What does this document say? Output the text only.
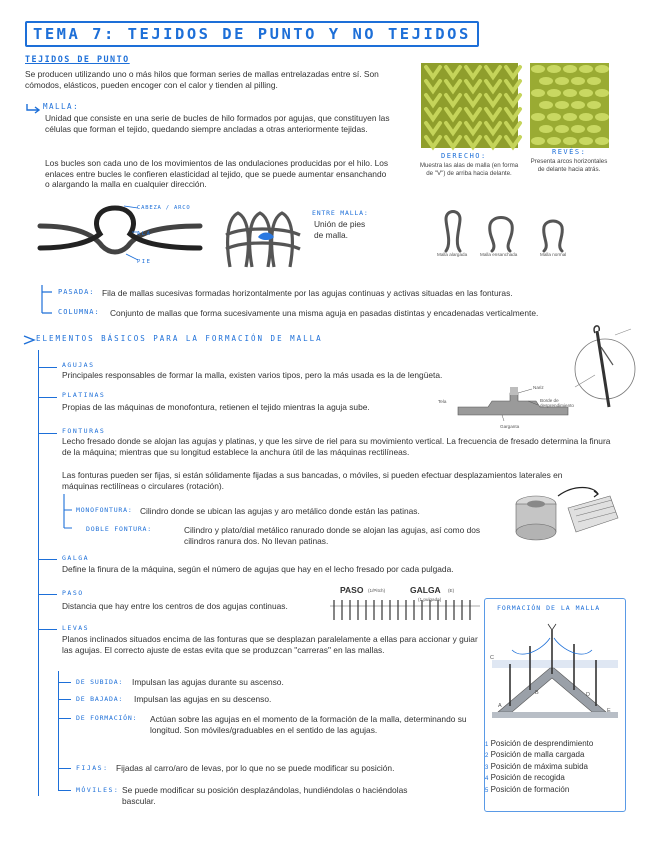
TEMA 7: TEJIDOS DE PUNTO Y NO TEJIDOS
TEJIDOS DE PUNTO
Se producen utilizando uno o más hilos que forman series de mallas entrelazadas entre sí. Son cómodos, elásticos, pueden encoger con el calor y tienden al pilling.
DERECHO:
Muestra las alas de malla (en forma de "V") de arriba hacia delante.
REVÉS:
Presenta arcos horizontales de delante hacia atrás.
MALLA:
Unidad que consiste en una serie de bucles de hilo formados por agujas, que constituyen las células que forman el tejido, quedando siempre ancladas a otras anteriormente tejidas.
Los bucles son cada uno de los movimientos de las ondulaciones producidas por el hilo. Los enlaces entre bucles le confieren elasticidad al tejido, que se puede aumentar ensanchando o alargando la malla en cualquier dirección.
CABEZA / ARCO
ALA
PIE
ENTRE MALLA:
Unión de pies de malla.
Malla alargada	Malla ensanchada	Malla normal
PASADA: Fila de mallas sucesivas formadas horizontalmente por las agujas continuas y activas situadas en las fonturas.
COLUMNA: Conjunto de mallas que forma sucesivamente una misma aguja en pasadas distintas y encadenadas verticalmente.
ELEMENTOS BÁSICOS PARA LA FORMACIÓN DE MALLA
AGUJAS
Principales responsables de formar la malla, existen varios tipos, pero la más usada es la de lengüeta.
PLATINAS
Propias de las máquinas de monofontura, retienen el tejido mientras la aguja sube.
Tela
Nariz
Borde de desprendimiento
Garganta
FONTURAS
Lecho fresado donde se alojan las agujas y platinas, y que les sirve de riel para su movimiento vertical. La frecuencia de fresado determina la finura de la máquina; mientras que su longitud establece la anchura útil de las máquinas rectilíneas.
Las fonturas pueden ser fijas, si están sólidamente fijadas a sus bancadas, o móviles, si pueden efectuar desplazamientos laterales en máquinas rectilíneas o circulares (rotación).
MONOFONTURA: Cilindro donde se ubican las agujas y aro metálico donde están las patinas.
DOBLE FONTURA:	Cilindro y plato/dial metálico ranurado donde se alojan las agujas, así como dos cilindros ranura dos. No llevan patinas.
GALGA
Define la finura de la máquina, según el número de agujas que hay en el lecho fresado por cada pulgada.
PASO
Distancia que hay entre los centros de dos agujas continuas.
PASO (1/Pitch)	GALGA (E)
(1 pulgada)
LEVAS
Planos inclinados situados encima de las fonturas que se desplazan paralelamente a ellas para accionar y guiar las agujas. El correcto ajuste de estas evita que se produzcan "carreras" en las mallas.
DE SUBIDA: Impulsan las agujas durante su ascenso.
DE BAJADA: Impulsan las agujas en su descenso.
DE FORMACIÓN: Actúan sobre las agujas en el momento de la formación de la malla, determinando su longitud. Son móviles/graduables en el sentido de las agujas.
FIJAS: Fijadas al carro/aro de levas, por lo que no se puede modificar su posición.
MÓVILES: Se puede modificar su posición desplazándolas, hundiéndolas o haciéndolas bascular.
FORMACIÓN DE LA MALLA
A
B
C
D
E
1 Posición de desprendimiento
2 Posición de malla cargada
3 Posición de máxima subida
4 Posición de recogida
5 Posición de formación
